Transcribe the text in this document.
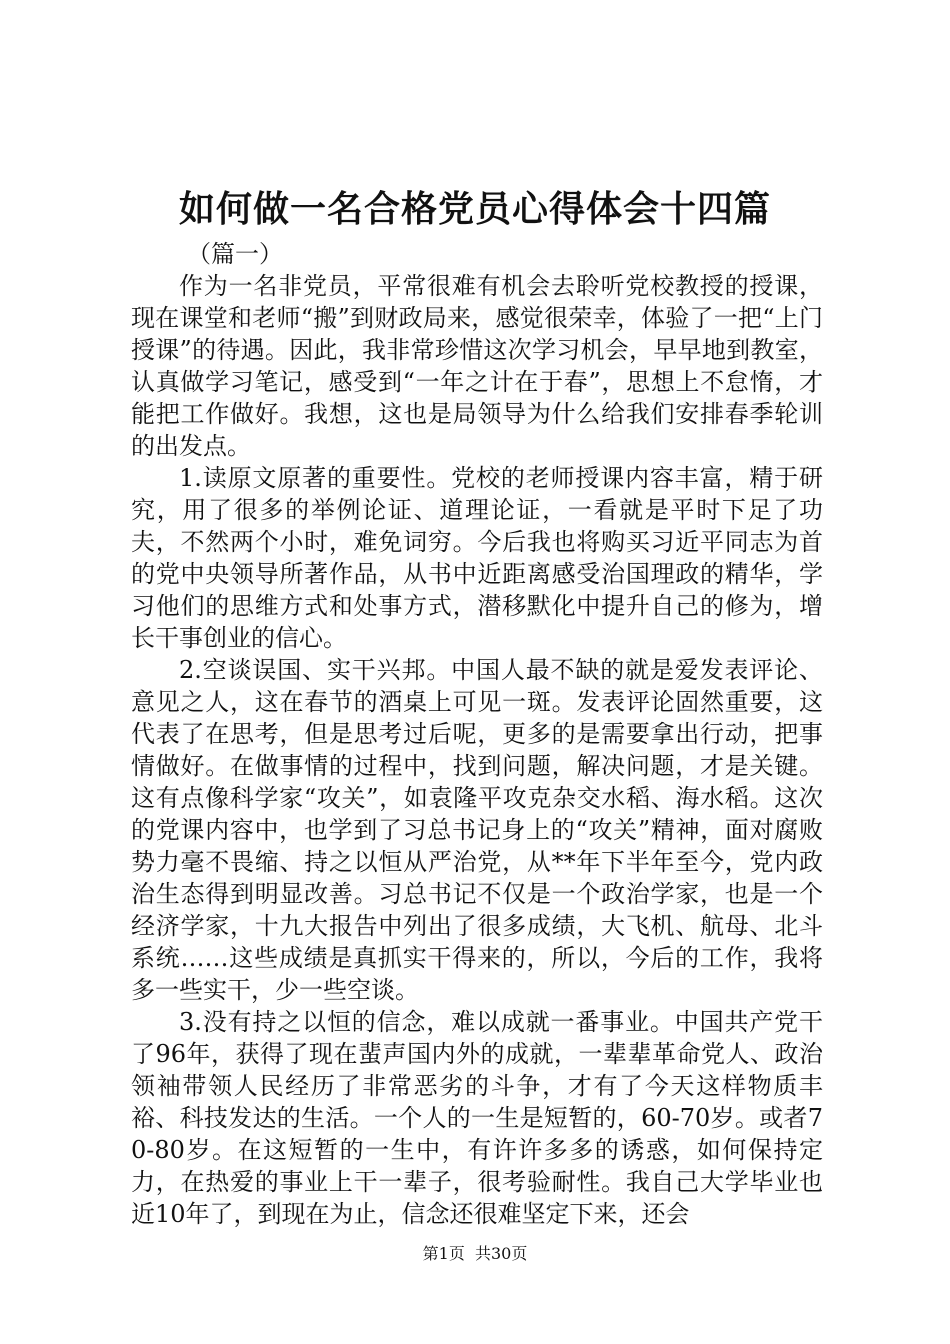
如何做一名合格党员心得体会十四篇

（篇一）

作为一名非党员，平常很难有机会去聆听党校教授的授课，现在课堂和老师“搬”到财政局来，感觉很荣幸，体验了一把“上门授课”的待遇。因此，我非常珍惜这次学习机会，早早地到教室，认真做学习笔记，感受到“一年之计在于春”，思想上不怠惰，才能把工作做好。我想，这也是局领导为什么给我们安排春季轮训的出发点。

1.读原文原著的重要性。党校的老师授课内容丰富，精于研究，用了很多的举例论证、道理论证，一看就是平时下足了功夫，不然两个小时，难免词穷。今后我也将购买习近平同志为首的党中央领导所著作品，从书中近距离感受治国理政的精华，学习他们的思维方式和处事方式，潜移默化中提升自己的修为，增长干事创业的信心。

2.空谈误国、实干兴邦。中国人最不缺的就是爱发表评论、意见之人，这在春节的酒桌上可见一斑。发表评论固然重要，这代表了在思考，但是思考过后呢，更多的是需要拿出行动，把事情做好。在做事情的过程中，找到问题，解决问题，才是关键。这有点像科学家“攻关”，如袁隆平攻克杂交水稻、海水稻。这次的党课内容中，也学到了习总书记身上的“攻关”精神，面对腐败势力毫不畏缩、持之以恒从严治党，从**年下半年至今，党内政治生态得到明显改善。习总书记不仅是一个政治学家，也是一个经济学家，十九大报告中列出了很多成绩，大飞机、航母、北斗系统……这些成绩是真抓实干得来的，所以，今后的工作，我将多一些实干，少一些空谈。

3.没有持之以恒的信念，难以成就一番事业。中国共产党干了96年，获得了现在蜚声国内外的成就，一辈辈革命党人、政治领袖带领人民经历了非常恶劣的斗争，才有了今天这样物质丰裕、科技发达的生活。一个人的一生是短暂的，60-70岁。或者70-80岁。在这短暂的一生中，有许许多多的诱惑，如何保持定力，在热爱的事业上干一辈子，很考验耐性。我自己大学毕业也近10年了，到现在为止，信念还很难坚定下来，还会

第1页  共30页
